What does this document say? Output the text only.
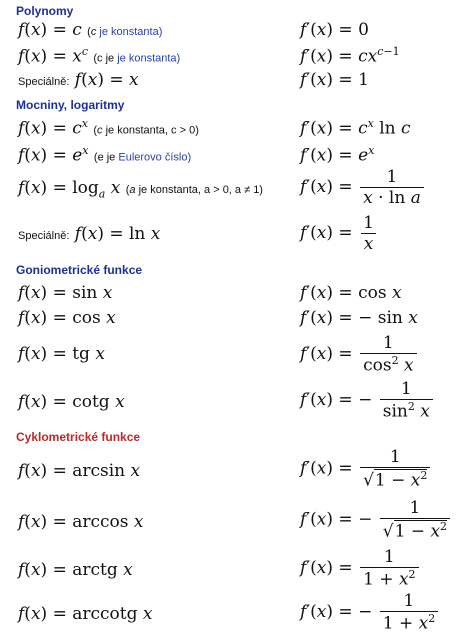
Polynomy
f(x) = c (c je konstanta)	f′(x) = 0
$f(x) = x^c$ (c je je konstanta)	$f'(x) = cx^{c-1}$
Speciálně: f(x) = x	f′(x) = 1
Mocniny, logaritmy
$f(x) = c^x$ (c je konstanta, c > 0)	$f'(x) = c^x$ ln c
$f(x) = e^x$ (e je Eulerovo číslo)	$f'(x) = e^x$
$f(x) = \log_a x$ (a je konstanta, a > 0, a ≠ 1) $f'(x) = \frac{1}{\text{x · ln a}}$
Speciálně: f(x) = ln x	$f'(x) = \frac{1}{x}$
Goniometrické funkce
f(x) = sin x	f′(x) = cos x
f(x) = cos x	f′(x) = − sin x
f(x) = tg x	$f'(x) = \frac{1}{\cos^2 x}$
f(x) = cotg x	f′(x) = − $\frac{1}{\sin^2 x}$
Cyklometrické funkce
f(x) = arcsin x	$f'(x) = \frac{1}{√1 - x^2}$
f(x) = arccos x	f′(x) = − $\frac{1}{√1 - x^2}$
f(x) = arctg x	$f'(x) = \frac{1}{1 + x^2}$
f(x) = arccotg x	f′(x) = − $\frac{1}{1 + x^2}$
